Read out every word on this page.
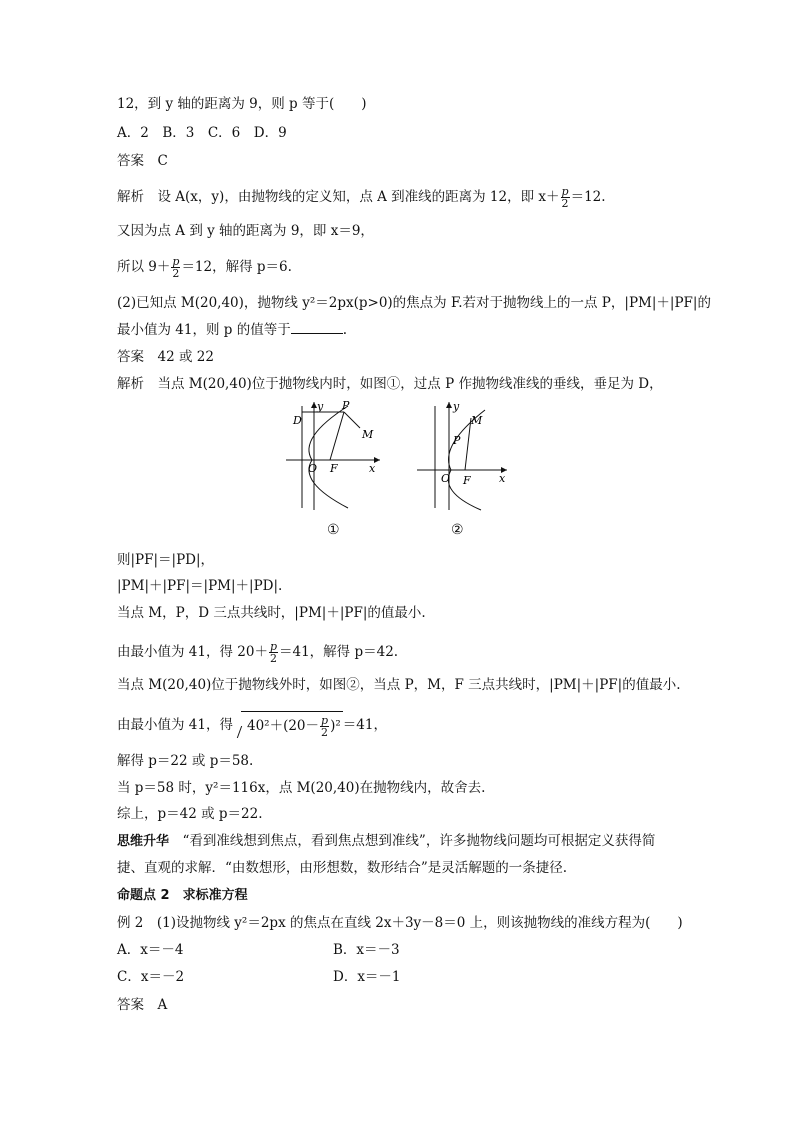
12，到 y 轴的距离为 9，则 p 等于(　　)
A．2　B．3　C．6　D．9
答案　C
解析　设 A(x，y)，由抛物线的定义知，点 A 到准线的距离为 12，即 $x+ \frac{p}{2} =12$.
又因为点 A 到 y 轴的距离为 9，即 x＝9，
所以 $9+ \frac{p}{2} =12$，解得 p＝6.
(2)已知点 M(20,40)，抛物线 y²＝2px(p>0)的焦点为 F.若对于抛物线上的一点 P，|PM|＋|PF|的
最小值为 41，则 p 的值等于	.
答案　42 或 22
解析　当点 M(20,40)位于抛物线内时，如图①，过点 P 作抛物线准线的垂线，垂足为 D，
y
x
O F
P
M
D
①
y
x
O F
P
M
②
则|PF|＝|PD|，
|PM|＋|PF|＝|PM|＋|PD|.
当点 M，P，D 三点共线时，|PM|＋|PF|的值最小.
由最小值为 41，得 $20+ \frac{p}{2} =41$，解得 p＝42.
当点 M(20,40)位于抛物线外时，如图②，当点 P，M，F 三点共线时，|PM|＋|PF|的值最小.
由最小值为 41，得 $40^2+(20- \frac{p}{2} )^2 =41$，
解得 p＝22 或 p＝58.
当 p＝58 时，y²＝116x，点 M(20,40)在抛物线内，故舍去.
综上，p＝42 或 p＝22.
思维升华　“看到准线想到焦点，看到焦点想到准线”，许多抛物线问题均可根据定义获得简
捷、直观的求解．“由数想形，由形想数，数形结合”是灵活解题的一条捷径.
命题点 2　求标准方程
例 2　(1)设抛物线 y²＝2px 的焦点在直线 2x＋3y－8＝0 上，则该抛物线的准线方程为(　　)
A．x＝－4	B．x＝－3
C．x＝－2	D．x＝－1
答案　A
